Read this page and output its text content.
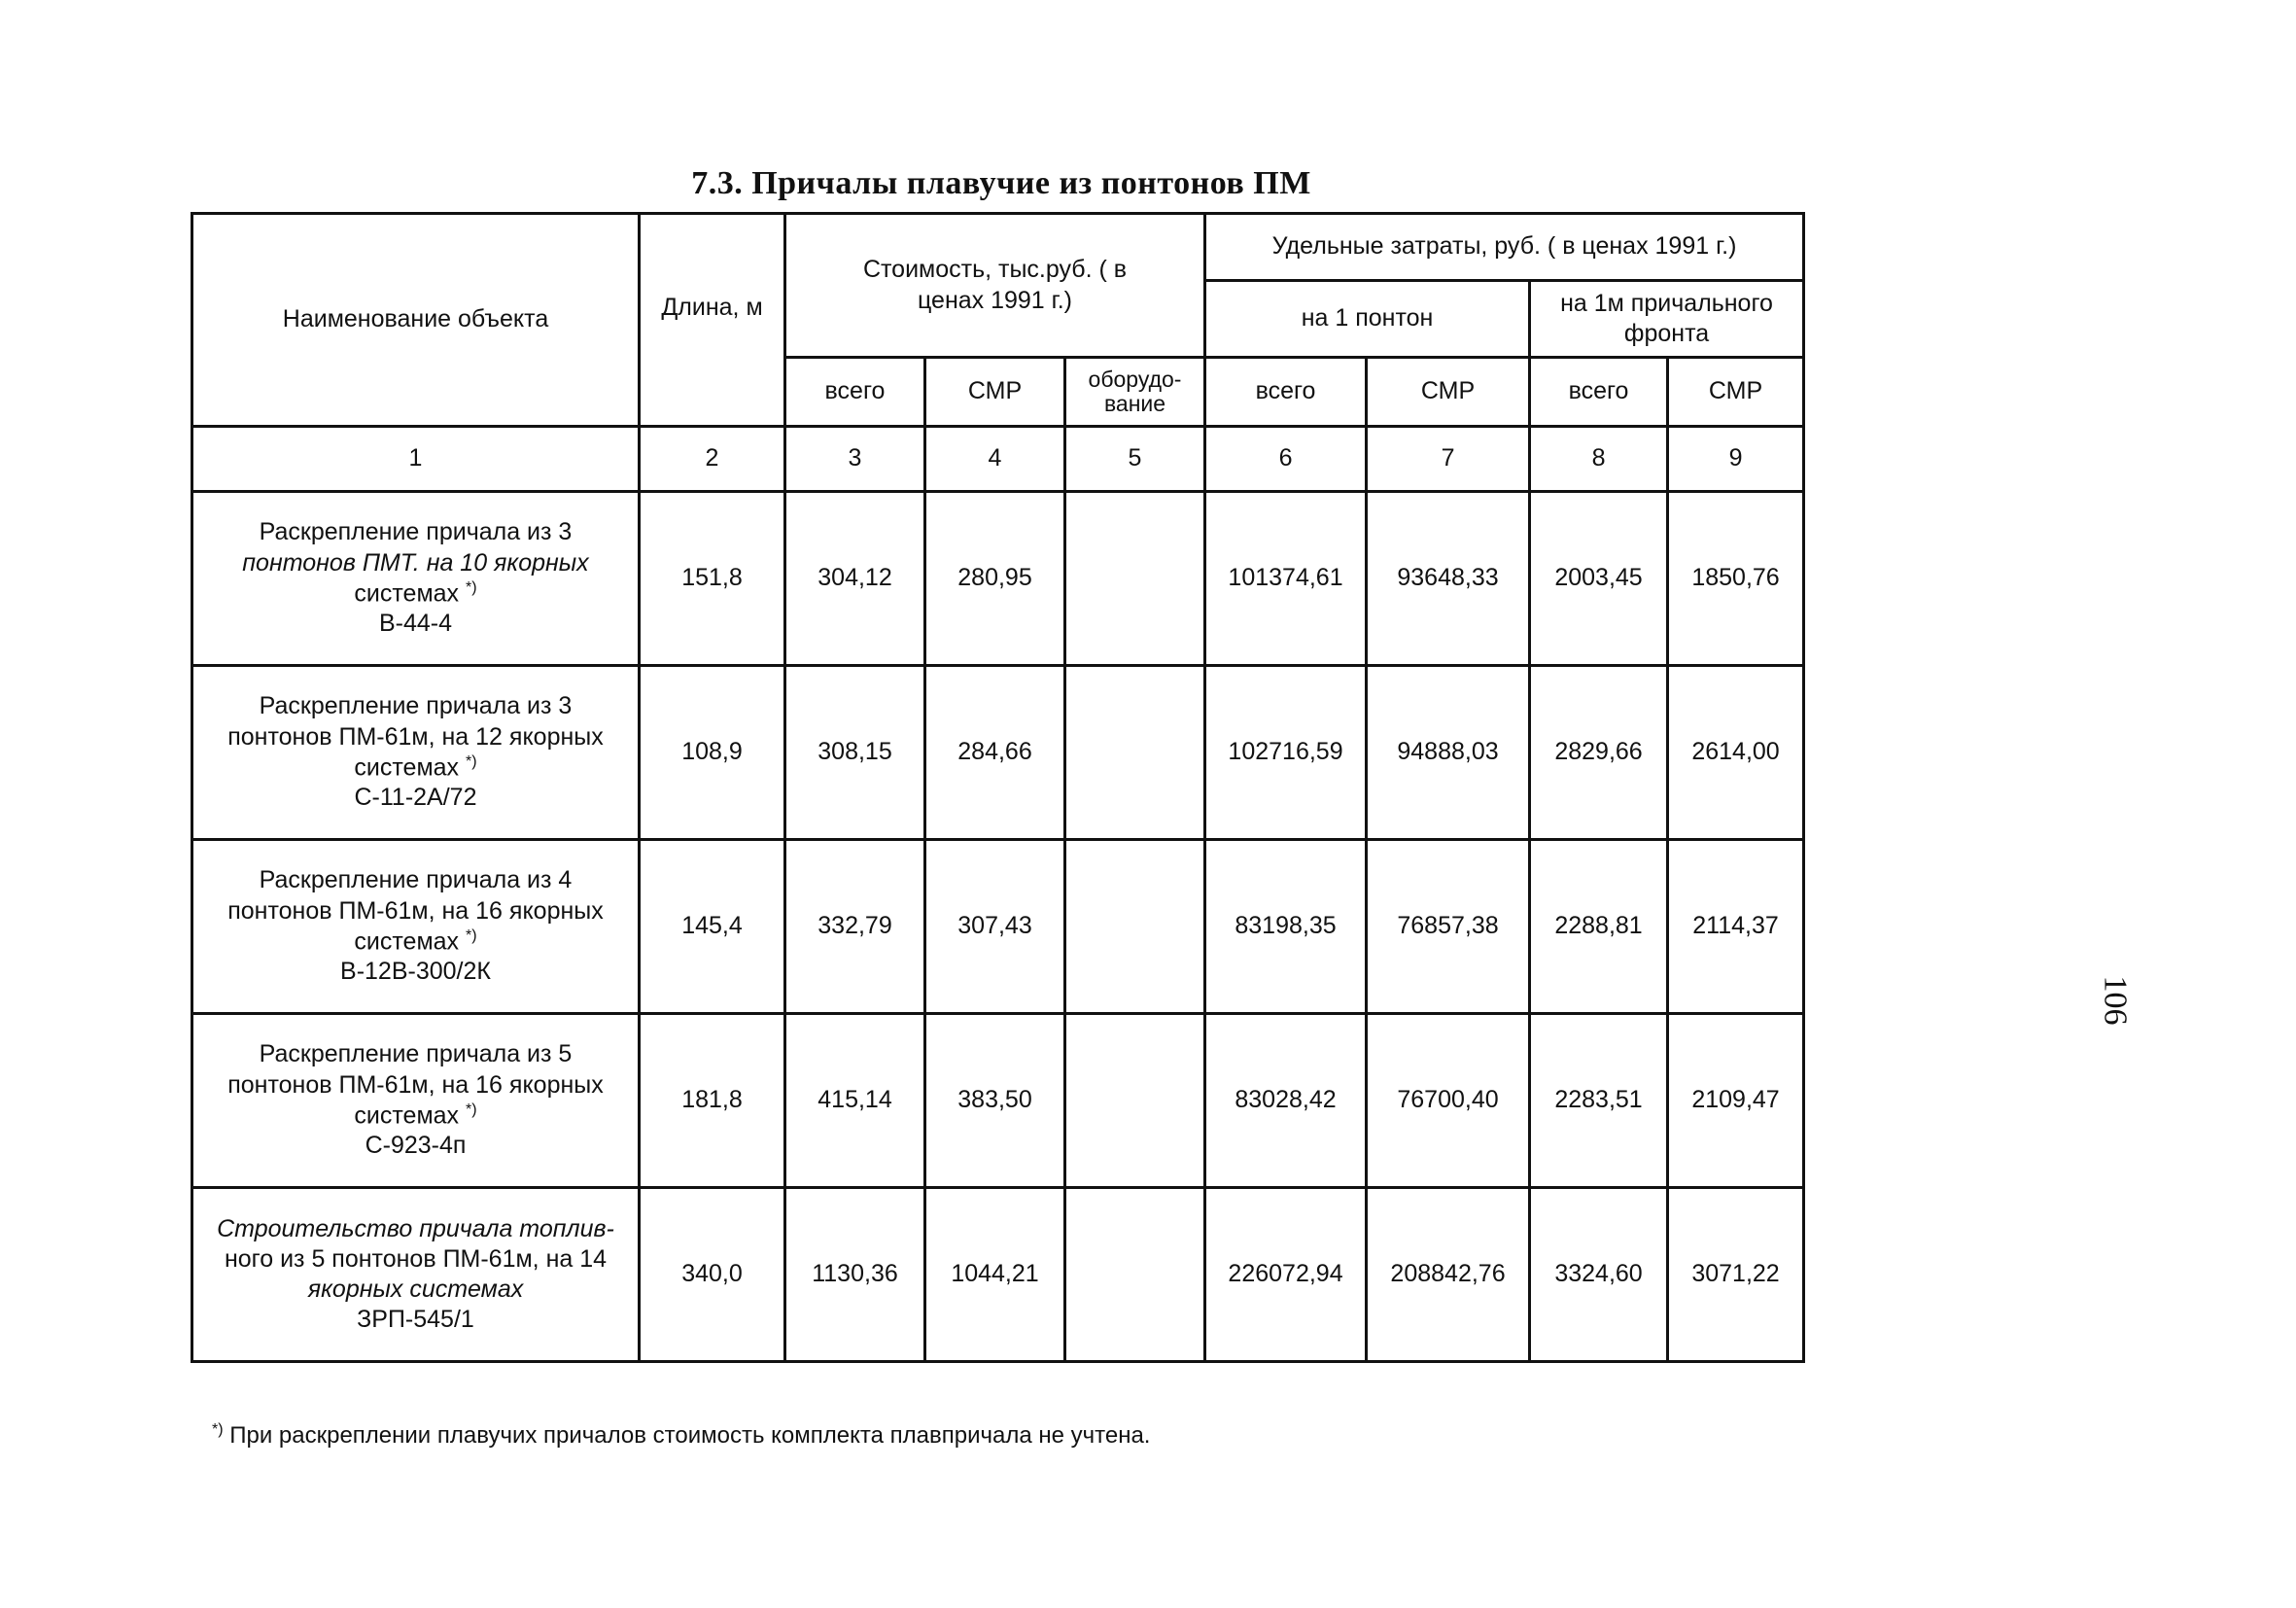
7.3. Причалы плавучие из понтонов ПМ
Наименование объекта	Длина, м	Стоимость, тыс.руб. ( в ценах 1991 г.)			Удельные затраты, руб. ( в ценах 1991 г.)			
					на 1 понтон		на 1м причального фронта	
		всего	СМР	оборудо-вание	всего	СМР	всего	СМР
1	2	3	4	5	6	7	8	9

Раскрепление причала из 3
понтонов ПМТ. на 10 якорных
системах *)
В-44-4	151,8	304,12	280,95		101374,61	93648,33	2003,45	1850,76

Раскрепление причала из 3
понтонов ПМ-61м, на 12 якорных
системах *)
С-11-2А/72	108,9	308,15	284,66		102716,59	94888,03	2829,66	2614,00

Раскрепление причала из 4
понтонов ПМ-61м, на 16 якорных
системах *)
В-12В-300/2К	145,4	332,79	307,43		83198,35	76857,38	2288,81	2114,37

Раскрепление причала из 5
понтонов ПМ-61м, на 16 якорных
системах *)
С-923-4п	181,8	415,14	383,50		83028,42	76700,40	2283,51	2109,47

Строительство причала топлив-
ного из 5 понтонов ПМ-61м, на 14
якорных системах
ЗРП-545/1	340,0	1130,36	1044,21		226072,94	208842,76	3324,60	3071,22
*) При раскреплении плавучих причалов стоимость комплекта плавпричала не учтена.
106
